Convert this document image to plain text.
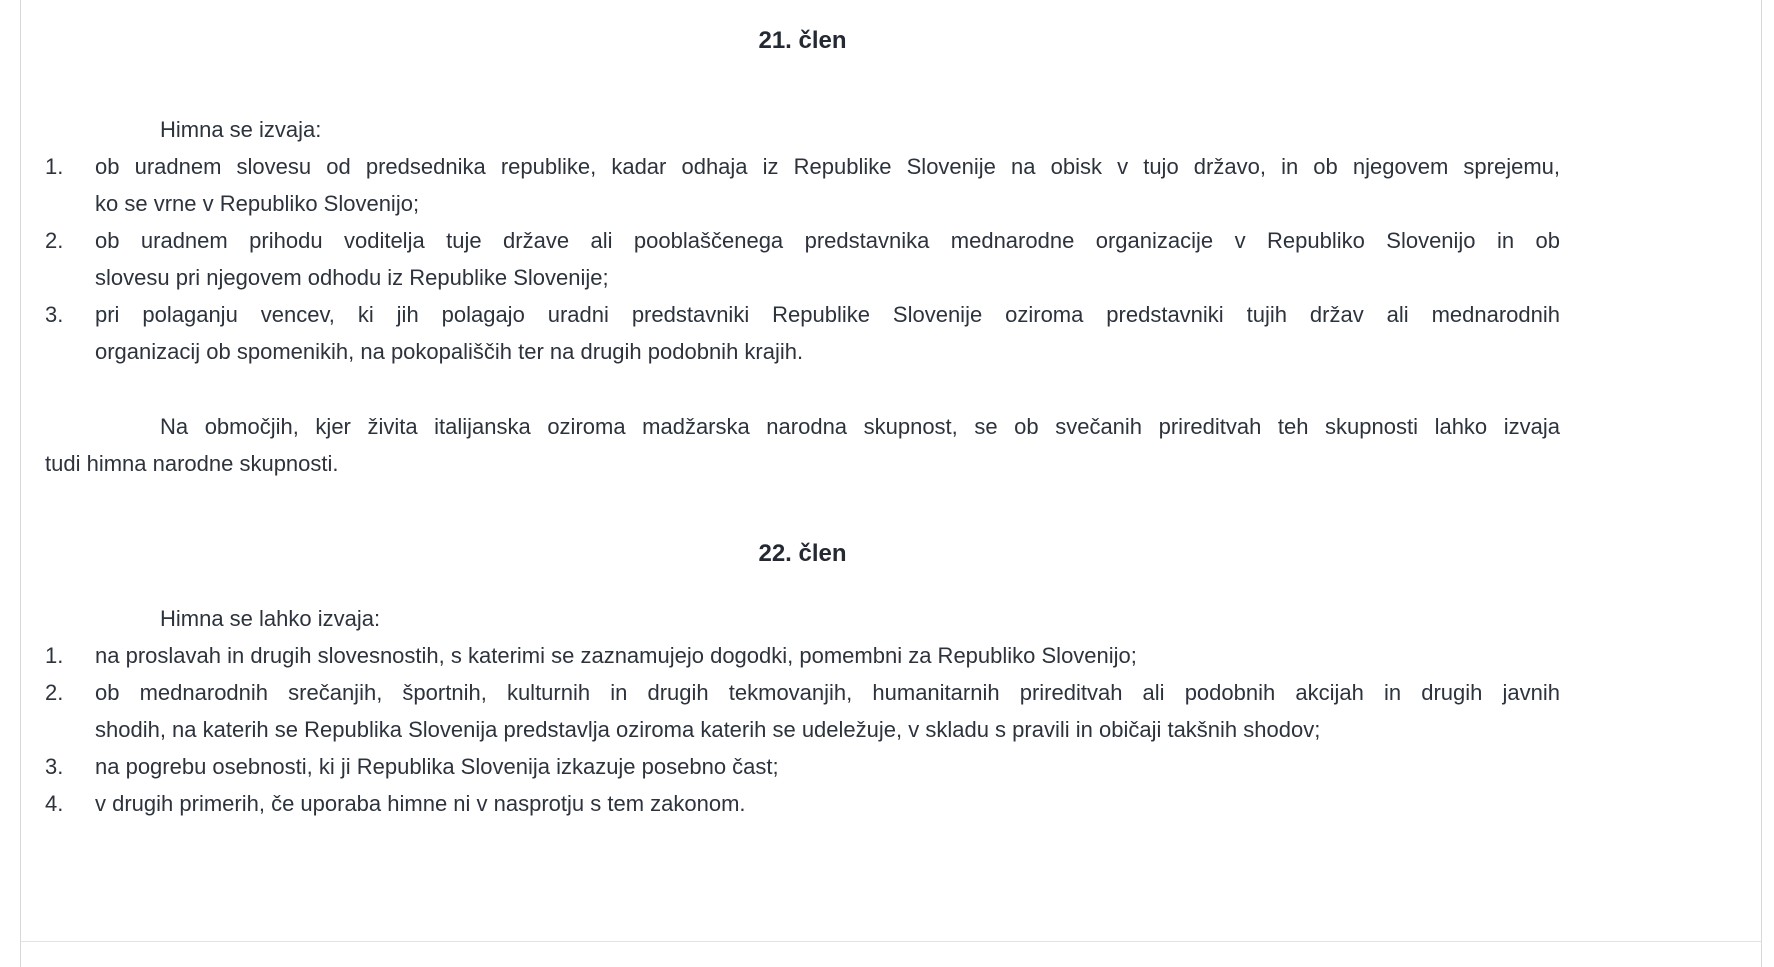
21. člen

Himna se izvaja:

1.	ob uradnem slovesu od predsednika republike, kadar odhaja iz Republike Slovenije na obisk v tujo državo, in ob njegovem sprejemu,
ko se vrne v Republiko Slovenijo;
2.	ob uradnem prihodu voditelja tuje države ali pooblaščenega predstavnika mednarodne organizacije v Republiko Slovenijo in ob
slovesu pri njegovem odhodu iz Republike Slovenije;
3.	pri polaganju vencev, ki jih polagajo uradni predstavniki Republike Slovenije oziroma predstavniki tujih držav ali mednarodnih
organizacij ob spomenikih, na pokopališčih ter na drugih podobnih krajih.

Na območjih, kjer živita italijanska oziroma madžarska narodna skupnost, se ob svečanih prireditvah teh skupnosti lahko izvaja
tudi himna narodne skupnosti.

22. člen

Himna se lahko izvaja:

1.	na proslavah in drugih slovesnostih, s katerimi se zaznamujejo dogodki, pomembni za Republiko Slovenijo;
2.	ob mednarodnih srečanjih, športnih, kulturnih in drugih tekmovanjih, humanitarnih prireditvah ali podobnih akcijah in drugih javnih
shodih, na katerih se Republika Slovenija predstavlja oziroma katerih se udeležuje, v skladu s pravili in običaji takšnih shodov;
3.	na pogrebu osebnosti, ki ji Republika Slovenija izkazuje posebno čast;
4.	v drugih primerih, če uporaba himne ni v nasprotju s tem zakonom.
